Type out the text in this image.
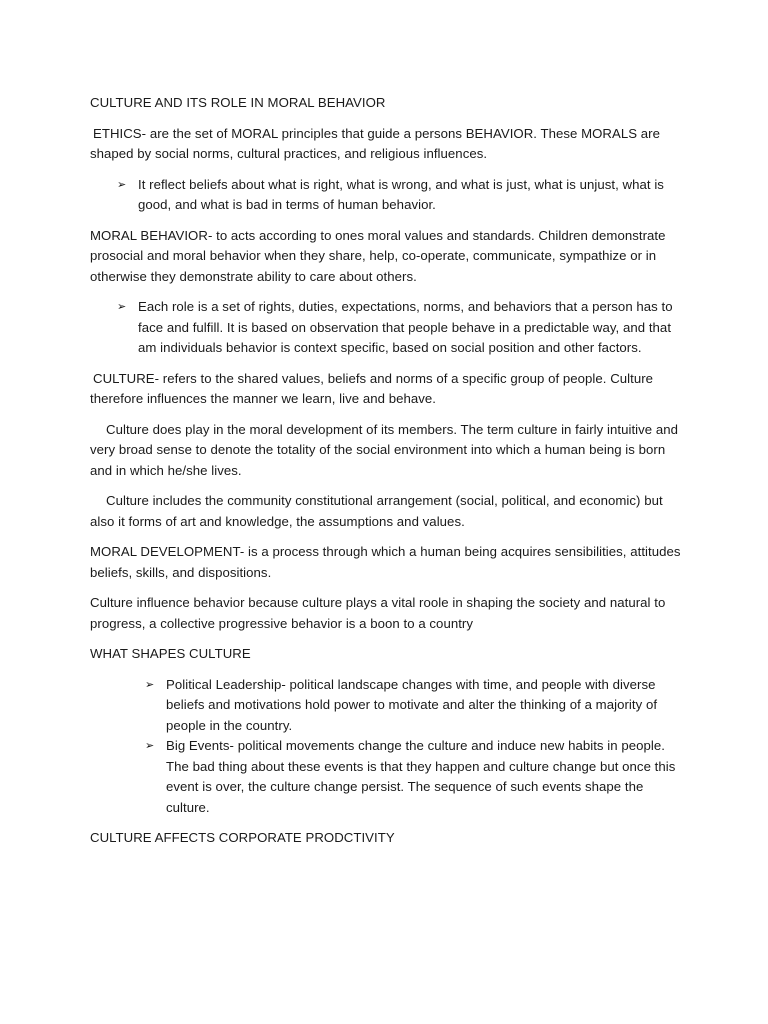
CULTURE AND ITS ROLE IN MORAL BEHAVIOR
ETHICS- are the set of MORAL principles that guide a persons BEHAVIOR. These MORALS are shaped by social norms, cultural practices, and religious influences.
➢ It reflect beliefs about what is right, what is wrong, and what is just, what is unjust, what is good, and what is bad in terms of human behavior.
MORAL BEHAVIOR- to acts according to ones moral values and standards. Children demonstrate prosocial and moral behavior when they share, help, co-operate, communicate, sympathize or in otherwise they demonstrate ability to care about others.
➢ Each role is a set of rights, duties, expectations, norms, and behaviors that a person has to face and fulfill. It is based on observation that people behave in a predictable way, and that am individuals behavior is context specific, based on social position and other factors.
CULTURE- refers to the shared values, beliefs and norms of a specific group of people. Culture therefore influences the manner we learn, live and behave.
Culture does play in the moral development of its members. The term culture in fairly intuitive and very broad sense to denote the totality of the social environment into which a human being is born and in which he/she lives.
Culture includes the community constitutional arrangement (social, political, and economic) but also it forms of art and knowledge, the assumptions and values.
MORAL DEVELOPMENT- is a process through which a human being acquires sensibilities, attitudes beliefs, skills, and dispositions.
Culture influence behavior because culture plays a vital roole in shaping the society and natural to progress, a collective progressive behavior is a boon to a country
WHAT SHAPES CULTURE
➢ Political Leadership- political landscape changes with time, and people with diverse beliefs and motivations hold power to motivate and alter the thinking of a majority of people in the country.
➢ Big Events- political movements change the culture and induce new habits in people. The bad thing about these events is that they happen and culture change but once this event is over, the culture change persist. The sequence of such events shape the culture.
CULTURE AFFECTS CORPORATE PRODCTIVITY
